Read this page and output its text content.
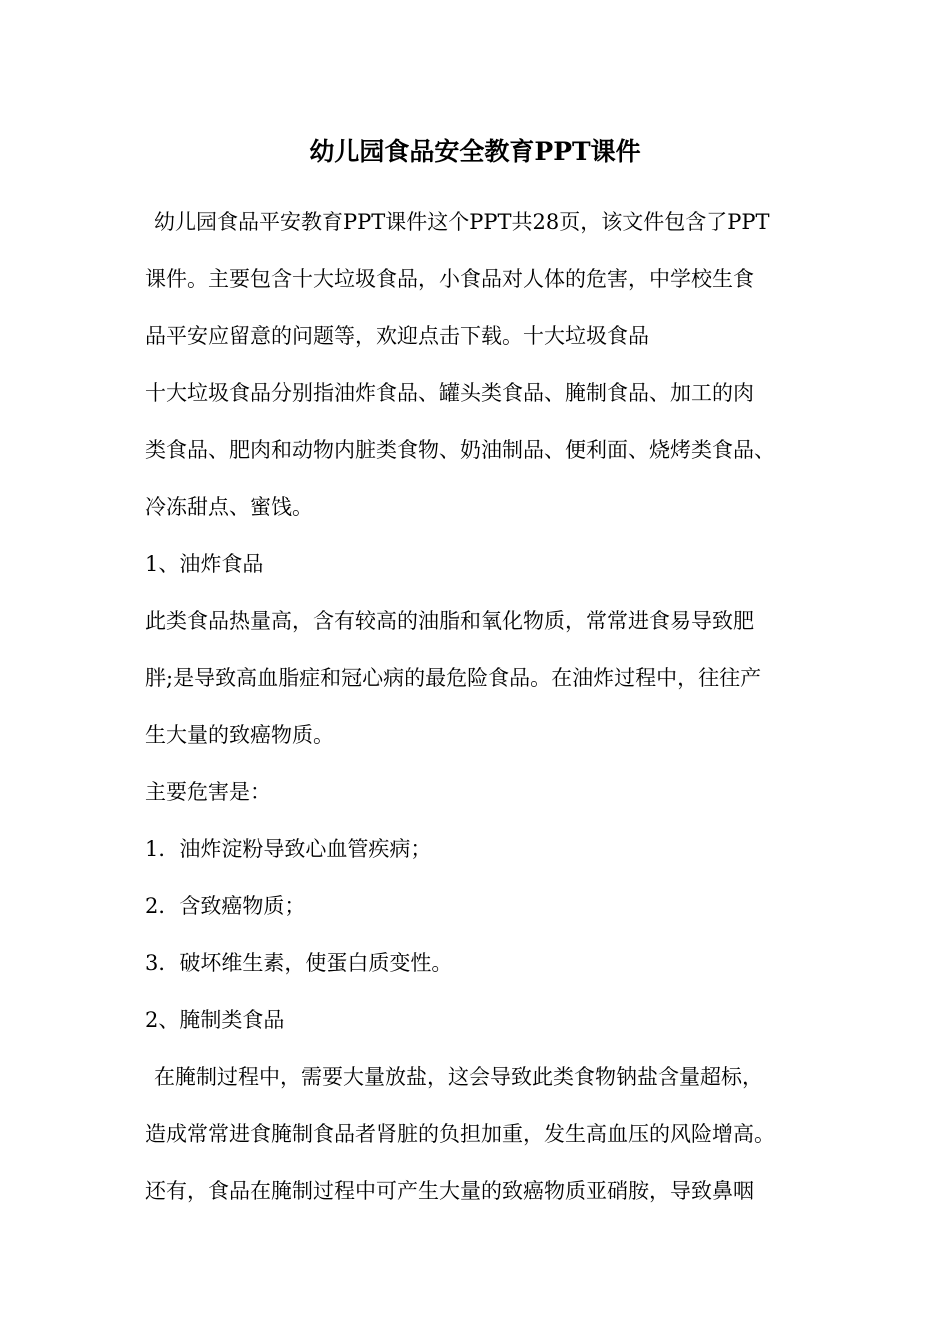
幼儿园食品安全教育PPT课件
幼儿园食品平安教育PPT课件这个PPT共28页，该文件包含了PPT
课件。主要包含十大垃圾食品，小食品对人体的危害，中学校生食
品平安应留意的问题等，欢迎点击下载。十大垃圾食品
十大垃圾食品分别指油炸食品、罐头类食品、腌制食品、加工的肉
类食品、肥肉和动物内脏类食物、奶油制品、便利面、烧烤类食品、
冷冻甜点、蜜饯。
1、油炸食品
此类食品热量高，含有较高的油脂和氧化物质，常常进食易导致肥
胖;是导致高血脂症和冠心病的最危险食品。在油炸过程中，往往产
生大量的致癌物质。
主要危害是：
1．油炸淀粉导致心血管疾病；
2．含致癌物质；
3．破坏维生素，使蛋白质变性。
2、腌制类食品
在腌制过程中，需要大量放盐，这会导致此类食物钠盐含量超标，
造成常常进食腌制食品者肾脏的负担加重，发生高血压的风险增高。
还有，食品在腌制过程中可产生大量的致癌物质亚硝胺，导致鼻咽
